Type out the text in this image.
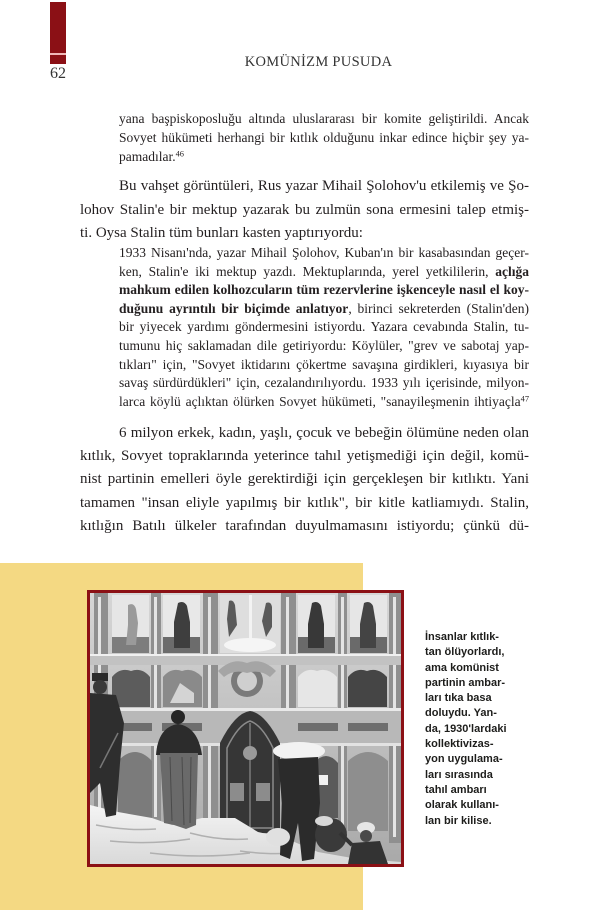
62
KOMÜNİZM PUSUDA
yana başpiskoposluğu altında uluslararası bir komite geliştirildi. Ancak
Sovyet hükümeti herhangi bir kıtlık olduğunu inkar edince hiçbir şey ya-
pamadılar.$^{46}$
Bu vahşet görüntüleri, Rus yazar Mihail Şolohov'u etkilemiş ve Şo-
lohov Stalin'e bir mektup yazarak bu zulmün sona ermesini talep etmiş-
ti. Oysa Stalin tüm bunları kasten yaptırıyordu:
1933 Nisanı'nda, yazar Mihail Şolohov, Kuban'ın bir kasabasından geçer-
ken, Stalin'e iki mektup yazdı. Mektuplarında, yerel yetkililerin, açlığa
mahkum edilen kolhozcuların tüm rezervlerine işkenceyle nasıl el koy-
duğunu ayrıntılı bir biçimde anlatıyor, birinci sekreterden (Stalin'den)
bir yiyecek yardımı göndermesini istiyordu. Yazara cevabında Stalin, tu-
tumunu hiç saklamadan dile getiriyordu: Köylüler, "grev ve sabotaj yap-
tıkları" için, "Sovyet iktidarını çökertme savaşına girdikleri, kıyasıya bir
savaş sürdürdükleri" için, cezalandırılıyordu. 1933 yılı içerisinde, milyon-
larca köylü açlıktan ölürken Sovyet hükümeti, "sanayileşmenin ihtiyaçla$^{47}$
6 milyon erkek, kadın, yaşlı, çocuk ve bebeğin ölümüne neden olan
kıtlık, Sovyet topraklarında yeterince tahıl yetişmediği için değil, komü-
nist partinin emelleri öyle gerektirdiği için gerçekleşen bir kıtlıktı. Yani
tamamen "insan eliyle yapılmış bir kıtlık", bir kitle katliamıydı. Stalin,
kıtlığın Batılı ülkeler tarafından duyulmamasını istiyordu; çünkü dü-
İnsanlar kıtlık-
tan ölüyorlardı,
ama komünist
partinin ambar-
ları tıka basa
doluydu. Yan-
da, 1930'lardaki
kollektivizas-
yon uygulama-
ları sırasında
tahıl ambarı
olarak kullanı-
lan bir kilise.
